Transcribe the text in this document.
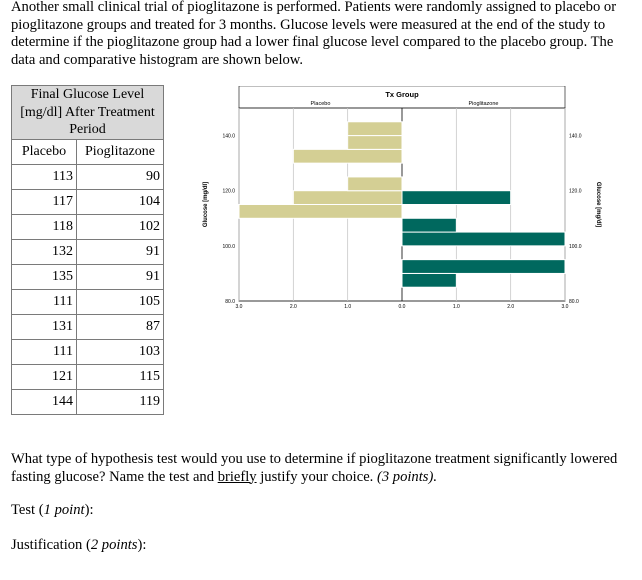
Another small clinical trial of pioglitazone is performed. Patients were randomly assigned to placebo or pioglitazone groups and treated for 3 months. Glucose levels were measured at the end of the study to determine if the pioglitazone group had a lower final glucose level compared to the placebo group. The data and comparative histogram are shown below.

Final Glucose Level [mg/dl] After Treatment Period	
Placebo	Pioglitazone
113	90
117	104
118	102
132	91
135	91
111	105
131	87
111	103
121	115
144	119
Tx Group
Placebo	Pioglitazone
80.0	80.0
100.0	100.0
120.0	120.0
140.0	140.0
3.0	2.0	1.0	0.0	1.0	2.0	3.0
Glucose [mg/dl]	Glucose [mg/dl]

What type of hypothesis test would you use to determine if pioglitazone treatment significantly lowered fasting glucose? Name the test and briefly justify your choice. (3 points).

Test (1 point):

Justification (2 points):
